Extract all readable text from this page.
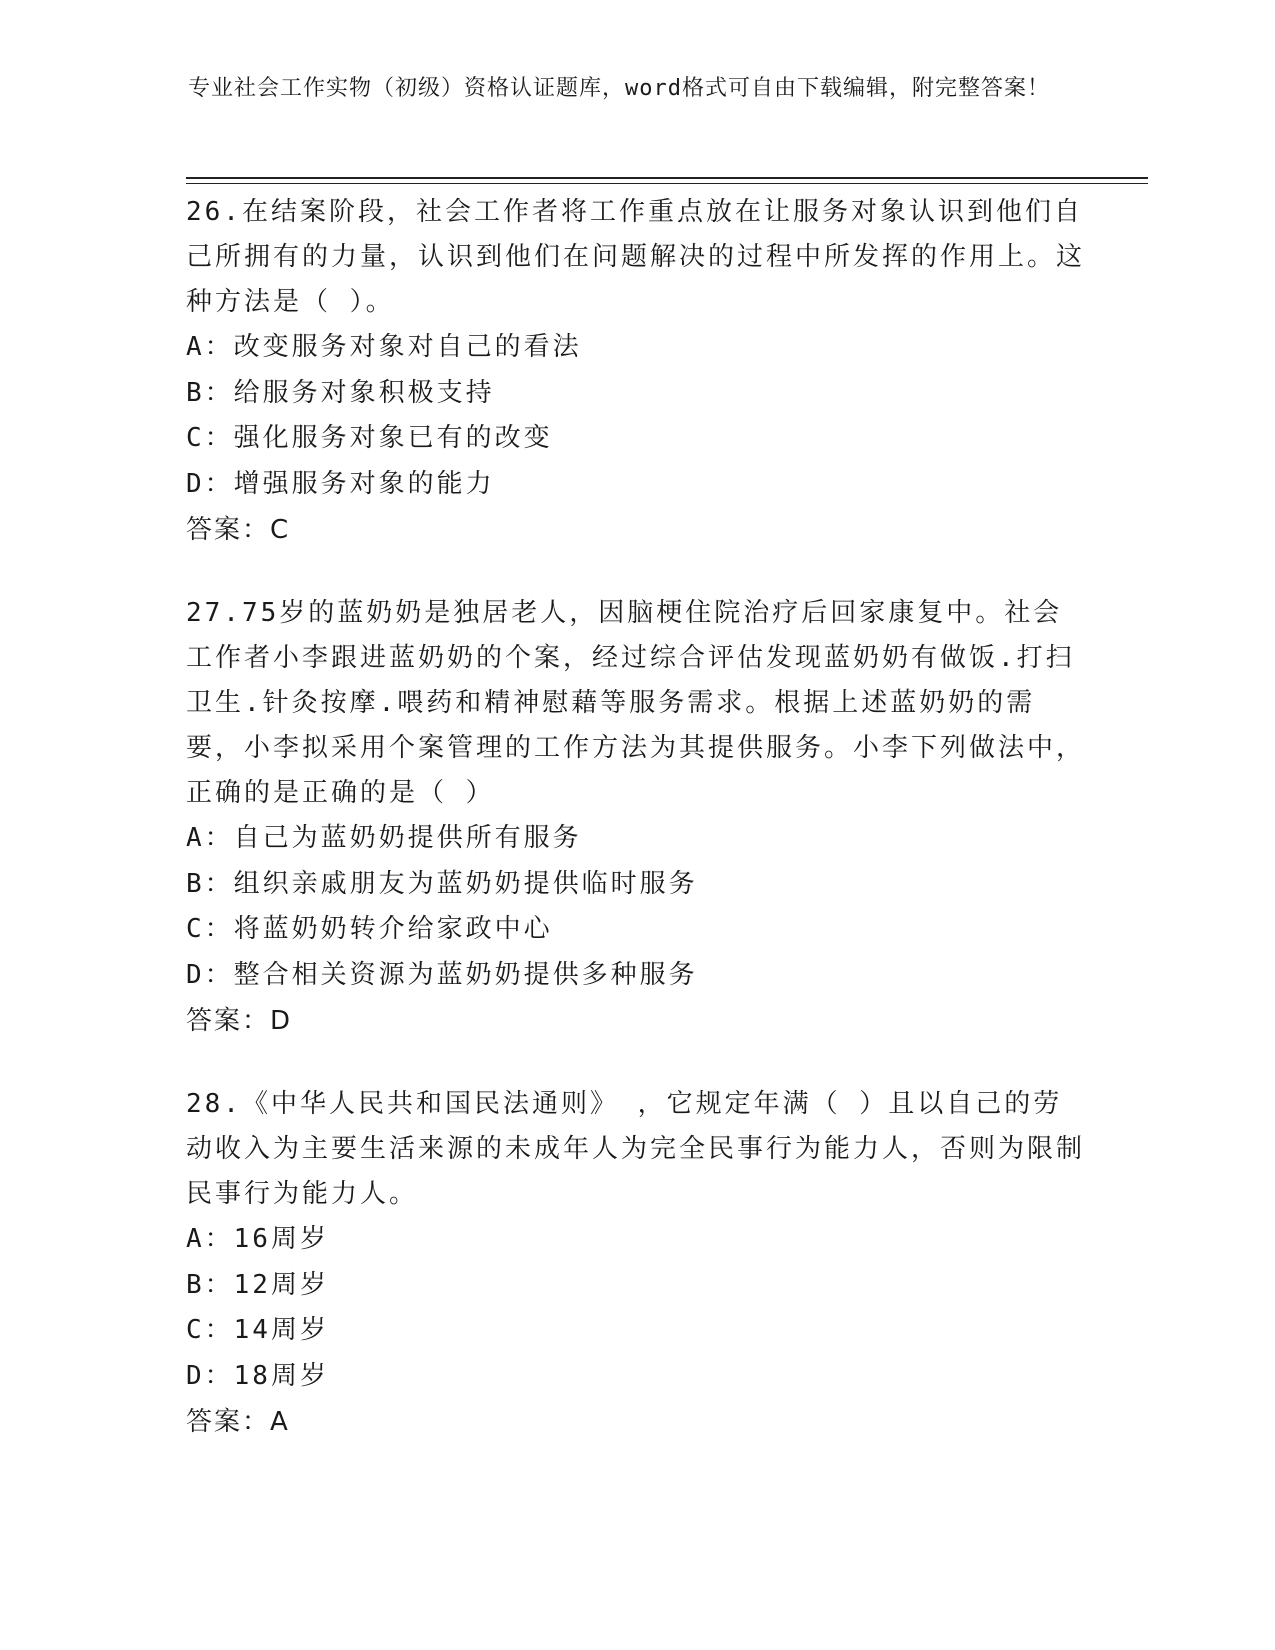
专业社会工作实物（初级）资格认证题库，word格式可自由下载编辑，附完整答案！

26.在结案阶段，社会工作者将工作重点放在让服务对象认识到他们自己所拥有的力量，认识到他们在问题解决的过程中所发挥的作用上。这种方法是（ ）。

A：改变服务对象对自己的看法

B：给服务对象积极支持

C：强化服务对象已有的改变

D：增强服务对象的能力

答案：C

27.75岁的蓝奶奶是独居老人，因脑梗住院治疗后回家康复中。社会工作者小李跟进蓝奶奶的个案，经过综合评估发现蓝奶奶有做饭.打扫卫生.针灸按摩.喂药和精神慰藉等服务需求。根据上述蓝奶奶的需要，小李拟采用个案管理的工作方法为其提供服务。小李下列做法中，正确的是正确的是（ ）

A：自己为蓝奶奶提供所有服务

B：组织亲戚朋友为蓝奶奶提供临时服务

C：将蓝奶奶转介给家政中心

D：整合相关资源为蓝奶奶提供多种服务

答案：D

28.《中华人民共和国民法通则》 ，它规定年满（ ）且以自己的劳动收入为主要生活来源的未成年人为完全民事行为能力人，否则为限制民事行为能力人。

A：16周岁

B：12周岁

C：14周岁

D：18周岁

答案：A
